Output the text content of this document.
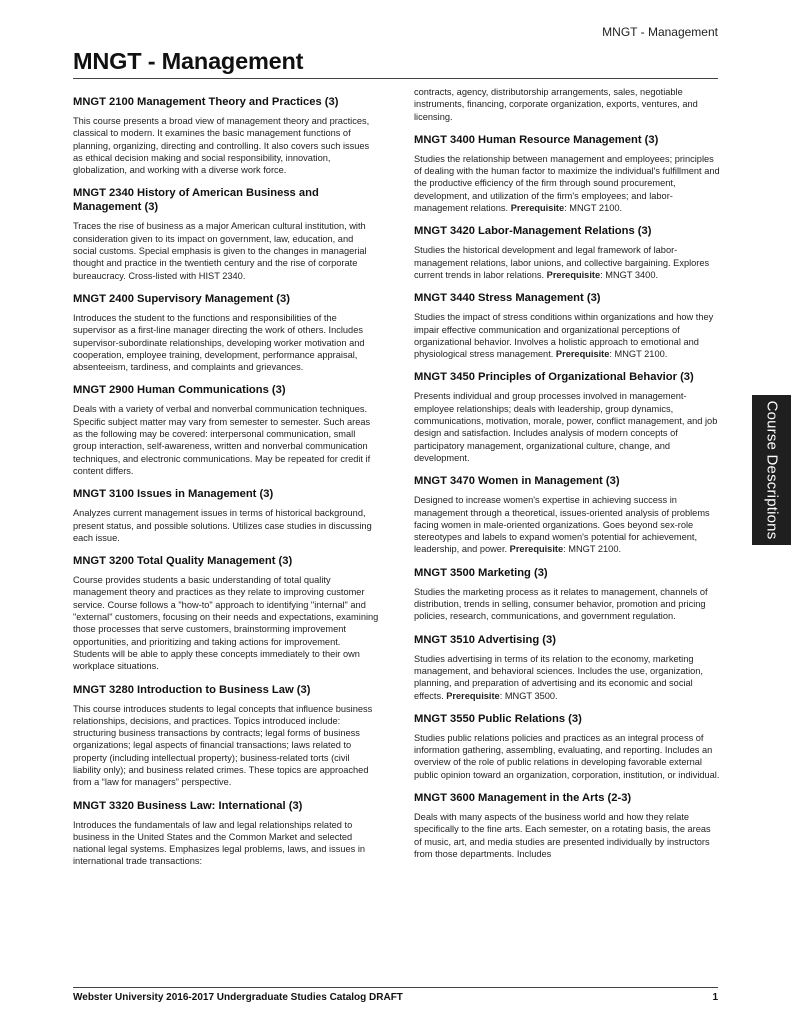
MNGT - Management
MNGT - Management
MNGT 2100 Management Theory and Practices (3)

This course presents a broad view of management theory and practices, classical to modern. It examines the basic management functions of planning, organizing, directing and controlling. It also covers such issues as ethical decision making and social responsibility, innovation, globalization, and working with a diverse work force.

MNGT 2340 History of American Business and Management (3)

Traces the rise of business as a major American cultural institution, with consideration given to its impact on government, law, education, and social customs. Special emphasis is given to the changes in managerial thought and practice in the twentieth century and the rise of corporate bureaucracy. Cross-listed with HIST 2340.

MNGT 2400 Supervisory Management (3)

Introduces the student to the functions and responsibilities of the supervisor as a first-line manager directing the work of others. Includes supervisor-subordinate relationships, developing worker motivation and cooperation, employee training, development, performance appraisal, absenteeism, tardiness, and complaints and grievances.

MNGT 2900 Human Communications (3)

Deals with a variety of verbal and nonverbal communication techniques. Specific subject matter may vary from semester to semester. Such areas as the following may be covered: interpersonal communication, small group interaction, self-awareness, written and nonverbal communication techniques, and electronic communications. May be repeated for credit if content differs.

MNGT 3100 Issues in Management (3)

Analyzes current management issues in terms of historical background, present status, and possible solutions. Utilizes case studies in discussing each issue.

MNGT 3200 Total Quality Management (3)

Course provides students a basic understanding of total quality management theory and practices as they relate to improving customer service. Course follows a "how-to" approach to identifying "internal" and "external" customers, focusing on their needs and expectations, examining those processes that serve customers, brainstorming improvement opportunities, and prioritizing and taking actions for improvement. Students will be able to apply these concepts immediately to their own workplace situations.

MNGT 3280 Introduction to Business Law (3)

This course introduces students to legal concepts that influence business relationships, decisions, and practices. Topics introduced include: structuring business transactions by contracts; legal forms of business organizations; legal aspects of financial transactions; laws related to property (including intellectual property); business-related torts (civil liability only); and business related crimes. These topics are approached from a “law for managers” perspective.

MNGT 3320 Business Law: International (3)

Introduces the fundamentals of law and legal relationships related to business in the United States and the Common Market and selected national legal systems. Emphasizes legal problems, laws, and issues in international trade transactions:

contracts, agency, distributorship arrangements, sales, negotiable instruments, financing, corporate organization, exports, ventures, and licensing.

MNGT 3400 Human Resource Management (3)

Studies the relationship between management and employees; principles of dealing with the human factor to maximize the individual's fulfillment and the productive efficiency of the firm through sound procurement, development, and utilization of the firm's employees; and labor-management relations. Prerequisite: MNGT 2100.

MNGT 3420 Labor-Management Relations (3)

Studies the historical development and legal framework of labor-management relations, labor unions, and collective bargaining. Explores current trends in labor relations. Prerequisite: MNGT 3400.

MNGT 3440 Stress Management (3)

Studies the impact of stress conditions within organizations and how they impair effective communication and organizational perceptions of organizational behavior. Involves a holistic approach to emotional and physiological stress management. Prerequisite: MNGT 2100.

MNGT 3450 Principles of Organizational Behavior (3)

Presents individual and group processes involved in management-employee relationships; deals with leadership, group dynamics, communications, motivation, morale, power, conflict management, and job design and satisfaction. Includes analysis of modern concepts of participatory management, organizational culture, change, and development.

MNGT 3470 Women in Management (3)

Designed to increase women's expertise in achieving success in management through a theoretical, issues-oriented analysis of problems facing women in male-oriented organizations. Goes beyond sex-role stereotypes and labels to expand women's potential for achievement, leadership, and power. Prerequisite: MNGT 2100.

MNGT 3500 Marketing (3)

Studies the marketing process as it relates to management, channels of distribution, trends in selling, consumer behavior, promotion and pricing policies, research, communications, and government regulation.

MNGT 3510 Advertising (3)

Studies advertising in terms of its relation to the economy, marketing management, and behavioral sciences. Includes the use, organization, planning, and preparation of advertising and its economic and social effects. Prerequisite: MNGT 3500.

MNGT 3550 Public Relations (3)

Studies public relations policies and practices as an integral process of information gathering, assembling, evaluating, and reporting. Includes an overview of the role of public relations in developing favorable external public opinion toward an organization, corporation, institution, or individual.

MNGT 3600 Management in the Arts (2-3)

Deals with many aspects of the business world and how they relate specifically to the fine arts. Each semester, on a rotating basis, the areas of music, art, and media studies are presented individually by instructors from those departments. Includes

Course Descriptions
Webster University 2016-2017 Undergraduate Studies Catalog DRAFT	1
